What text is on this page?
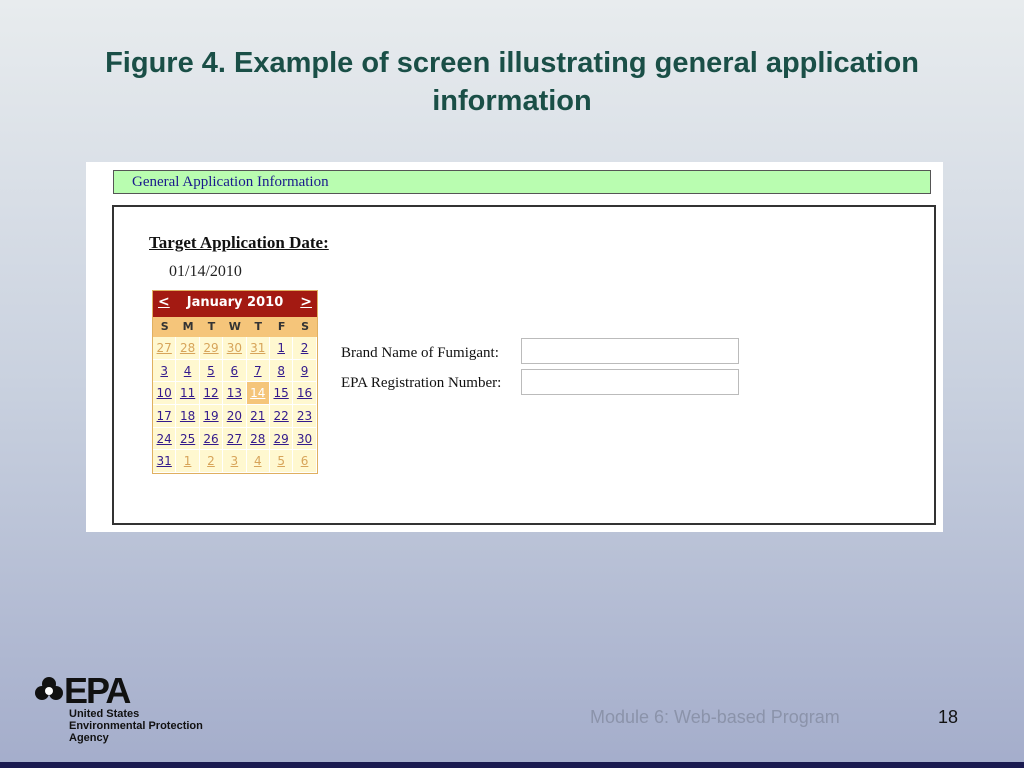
Figure 4. Example of screen illustrating general application information
General Application Information
Target Application Date:
01/14/2010
<	January 2010	>
S	M	T	W	T	F	S
27 28 29 30 31 1	2
3	4	5	6	7	8	9
10 11 12 13 14 15 16
17 18 19 20 21 22 23
24 25 26 27 28 29 30
31 1	2	3	4	5	6
Brand Name of Fumigant:
EPA Registration Number:
EPA
United States
Environmental Protection
Agency
Module 6: Web-based Program	18
